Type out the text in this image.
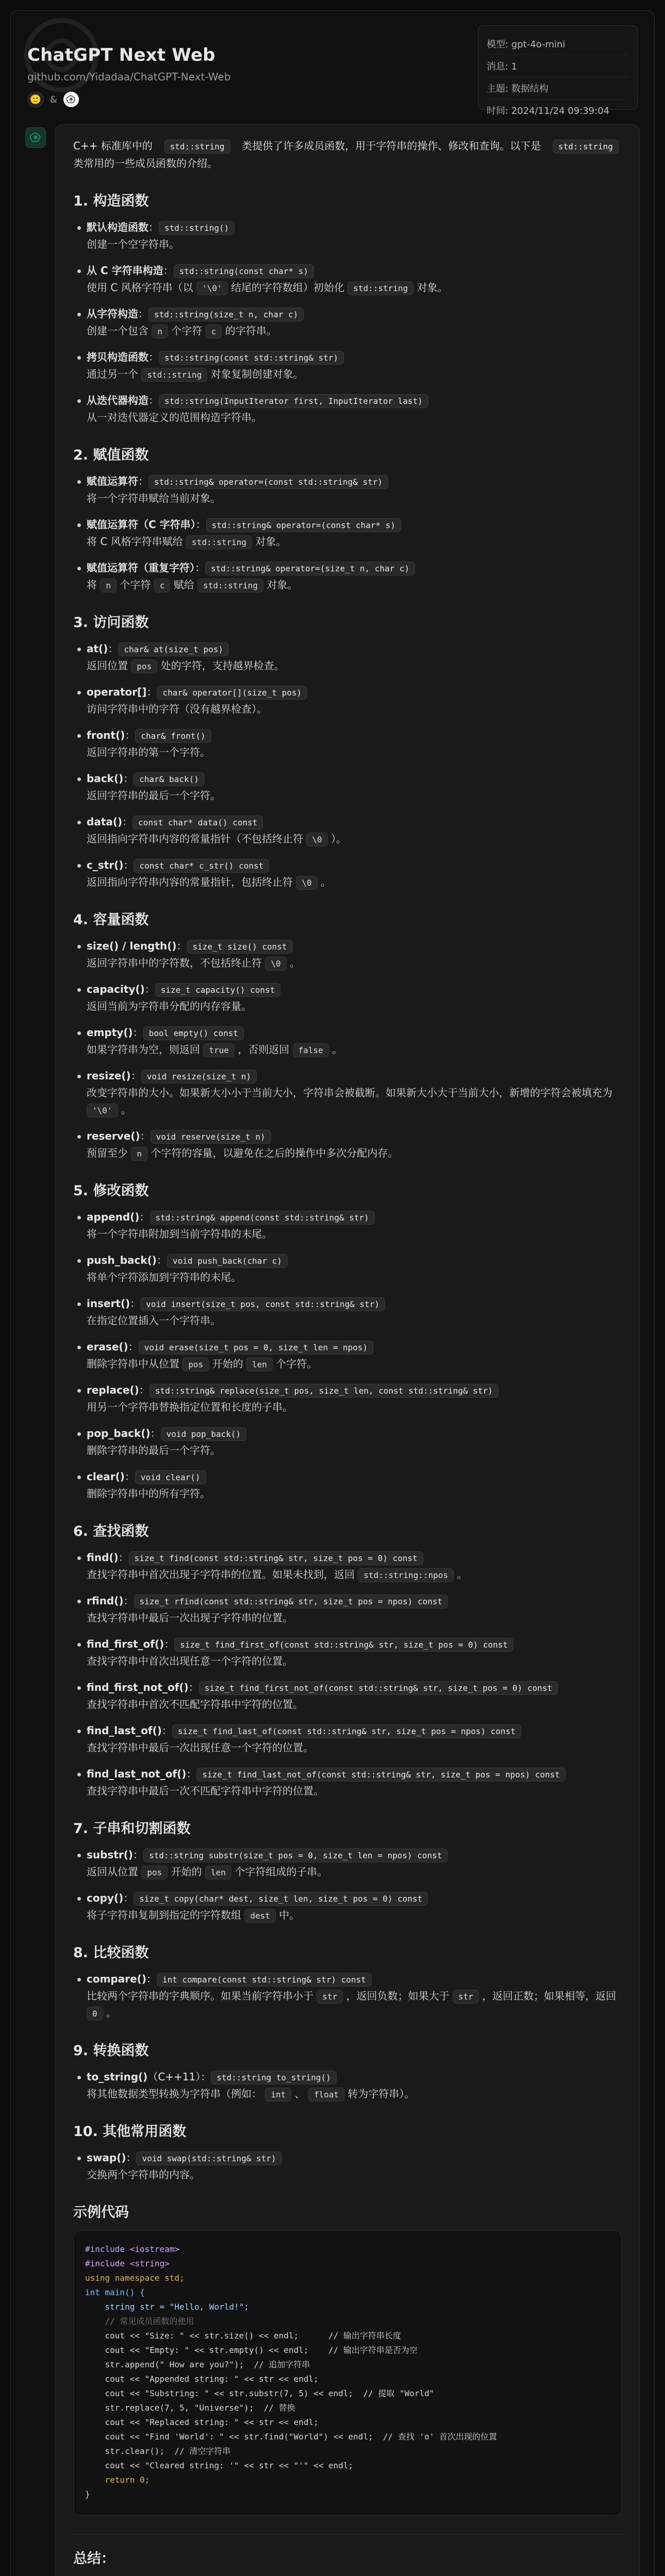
ChatGPT Next Web
github.com/Yidadaa/ChatGPT-Next-Web
🙂 &
模型: gpt-4o-mini
消息: 1
主题: 数据结构
时间: 2024/11/24 09:39:04
C++ 标准库中的 std::string 类提供了许多成员函数，用于字符串的操作、修改和查询。以下是 std::string 类常用的一些成员函数的介绍。
1. 构造函数
默认构造函数： std::string()
创建一个空字符串。
从 C 字符串构造： std::string(const char* s)
使用 C 风格字符串（以 '\0' 结尾的字符数组）初始化 std::string 对象。
从字符构造： std::string(size_t n, char c)
创建一个包含 n 个字符 c 的字符串。
拷贝构造函数： std::string(const std::string& str)
通过另一个 std::string 对象复制创建对象。
从迭代器构造： std::string(InputIterator first, InputIterator last)
从一对迭代器定义的范围构造字符串。
2. 赋值函数
赋值运算符： std::string& operator=(const std::string& str)
将一个字符串赋给当前对象。
赋值运算符（C 字符串）： std::string& operator=(const char* s)
将 C 风格字符串赋给 std::string 对象。
赋值运算符（重复字符）： std::string& operator=(size_t n, char c)
将 n 个字符 c 赋给 std::string 对象。
3. 访问函数
at()： char& at(size_t pos)
返回位置 pos 处的字符，支持越界检查。
operator[]： char& operator[](size_t pos)
访问字符串中的字符（没有越界检查）。
front()： char& front()
返回字符串的第一个字符。
back()： char& back()
返回字符串的最后一个字符。
data()： const char* data() const
返回指向字符串内容的常量指针（不包括终止符 \0 ）。
c_str()： const char* c_str() const
返回指向字符串内容的常量指针，包括终止符 \0 。
4. 容量函数
size() / length()： size_t size() const
返回字符串中的字符数，不包括终止符 \0 。
capacity()： size_t capacity() const
返回当前为字符串分配的内存容量。
empty()： bool empty() const
如果字符串为空，则返回 true ，否则返回 false 。
resize()： void resize(size_t n)
改变字符串的大小。如果新大小小于当前大小，字符串会被截断。如果新大小大于当前大小，新增的字符会被填充为 '\0' 。
reserve()： void reserve(size_t n)
预留至少 n 个字符的容量，以避免在之后的操作中多次分配内存。
5. 修改函数
append()： std::string& append(const std::string& str)
将一个字符串附加到当前字符串的末尾。
push_back()： void push_back(char c)
将单个字符添加到字符串的末尾。
insert()： void insert(size_t pos, const std::string& str)
在指定位置插入一个字符串。
erase()： void erase(size_t pos = 0, size_t len = npos)
删除字符串中从位置 pos 开始的 len 个字符。
replace()： std::string& replace(size_t pos, size_t len, const std::string& str)
用另一个字符串替换指定位置和长度的子串。
pop_back()： void pop_back()
删除字符串的最后一个字符。
clear()： void clear()
删除字符串中的所有字符。
6. 查找函数
find()： size_t find(const std::string& str, size_t pos = 0) const
查找字符串中首次出现子字符串的位置。如果未找到，返回 std::string::npos 。
rfind()： size_t rfind(const std::string& str, size_t pos = npos) const
查找字符串中最后一次出现子字符串的位置。
find_first_of()： size_t find_first_of(const std::string& str, size_t pos = 0) const
查找字符串中首次出现任意一个字符的位置。
find_first_not_of()： size_t find_first_not_of(const std::string& str, size_t pos = 0) const
查找字符串中首次不匹配字符串中字符的位置。
find_last_of()： size_t find_last_of(const std::string& str, size_t pos = npos) const
查找字符串中最后一次出现任意一个字符的位置。
find_last_not_of()： size_t find_last_not_of(const std::string& str, size_t pos = npos) const
查找字符串中最后一次不匹配字符串中字符的位置。
7. 子串和切割函数
substr()： std::string substr(size_t pos = 0, size_t len = npos) const
返回从位置 pos 开始的 len 个字符组成的子串。
copy()： size_t copy(char* dest, size_t len, size_t pos = 0) const
将子字符串复制到指定的字符数组 dest 中。
8. 比较函数
compare()： int compare(const std::string& str) const
比较两个字符串的字典顺序。如果当前字符串小于 str ，返回负数；如果大于 str ，返回正数；如果相等，返回 0 。
9. 转换函数
to_string()（C++11）： std::string to_string()
将其他数据类型转换为字符串（例如： int 、 float 转为字符串）。
10. 其他常用函数
swap()： void swap(std::string& str)
交换两个字符串的内容。
示例代码
#include <iostream>
#include <string>
using namespace std;
int main() {
string str = "Hello, World!";
// 常见成员函数的使用
cout << "Size: " << str.size() << endl;      // 输出字符串长度
cout << "Empty: " << str.empty() << endl;    // 输出字符串是否为空
str.append(" How are you?");  // 追加字符串
cout << "Appended string: " << str << endl;
cout << "Substring: " << str.substr(7, 5) << endl;  // 提取 "World"
str.replace(7, 5, "Universe");  // 替换
cout << "Replaced string: " << str << endl;
cout << "Find 'World': " << str.find("World") << endl;  // 查找 'o' 首次出现的位置
str.clear();  // 清空字符串
cout << "Cleared string: '" << str << "'" << endl;
return 0;
}
总结：
